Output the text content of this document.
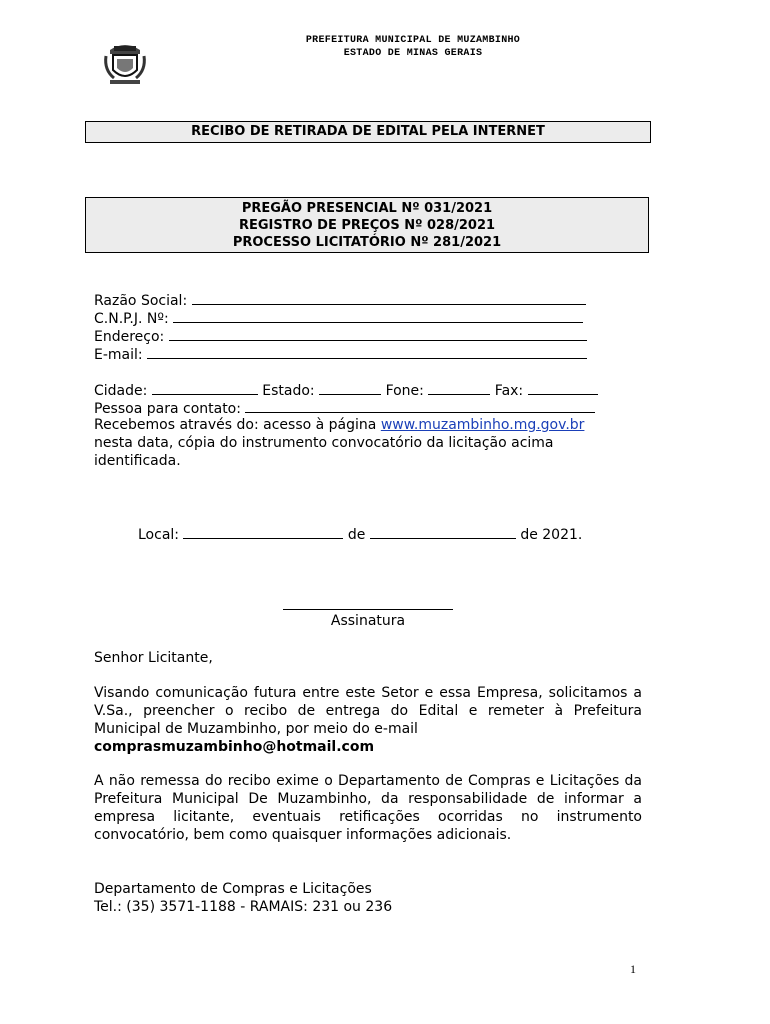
PREFEITURA MUNICIPAL DE MUZAMBINHO
ESTADO DE MINAS GERAIS
RECIBO DE RETIRADA DE EDITAL PELA INTERNET
PREGÃO PRESENCIAL Nº 031/2021
REGISTRO DE PREÇOS Nº 028/2021
PROCESSO LICITATÓRIO Nº 281/2021
Razão Social:
C.N.P.J. Nº:
Endereço:
E-mail:
Cidade:	Estado:	Fone:	Fax:
Pessoa para contato:
Recebemos através do: acesso à página www.muzambinho.mg.gov.br
nesta data, cópia do instrumento convocatório da licitação acima
identificada.
Local:	de	de 2021.
Assinatura
Senhor Licitante,
Visando comunicação futura entre este Setor e essa Empresa, solicitamos a V.Sa., preencher o recibo de entrega do Edital e remeter à Prefeitura Municipal de Muzambinho, por meio do e-mail
comprasmuzambinho@hotmail.com
A não remessa do recibo exime o Departamento de Compras e Licitações da Prefeitura Municipal De Muzambinho, da responsabilidade de informar a empresa licitante, eventuais retificações ocorridas no instrumento convocatório, bem como quaisquer informações adicionais.
Departamento de Compras e Licitações
Tel.: (35) 3571-1188 - RAMAIS: 231 ou 236
1
